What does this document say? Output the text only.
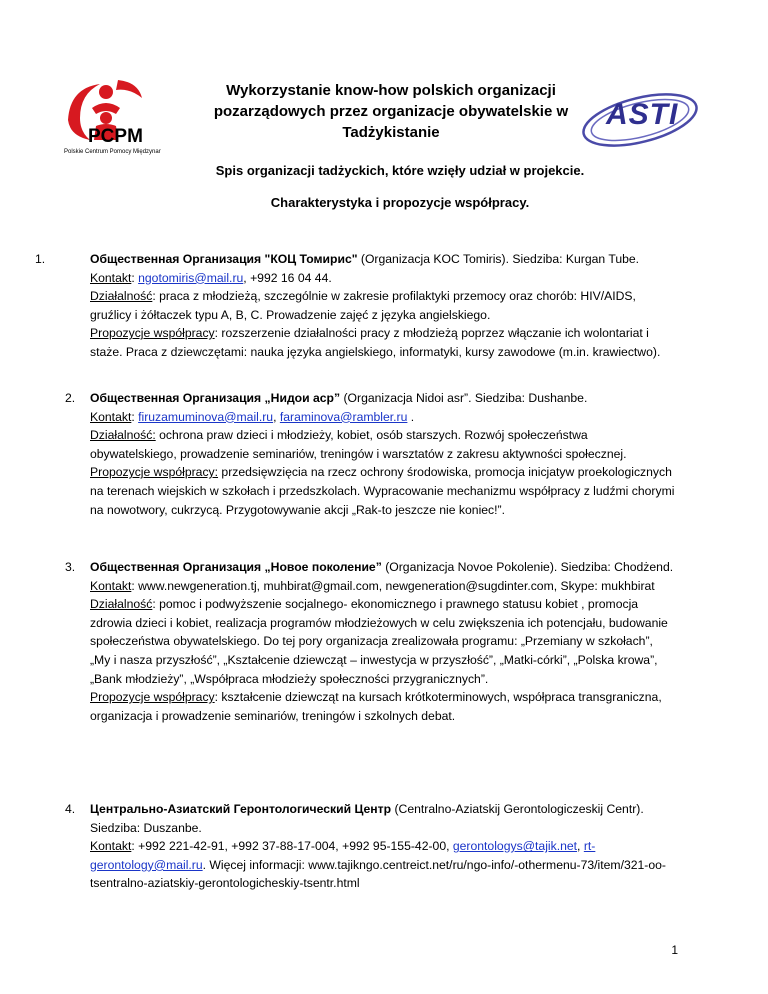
PCPM
Polskie Centrum Pomocy Międzynar
ASTI
Wykorzystanie know-how polskich organizacji pozarządowych przez organizacje obywatelskie w Tadżykistanie
Spis organizacji tadżyckich, które wzięły udział w projekcie.
Charakterystyka i propozycje współpracy.
1.	Общественная Организация "КОЦ Томирис" (Organizacja KOC Tomiris). Siedziba: Kurgan Tube.

Kontakt: ngotomiris@mail.ru, +992 16 04 44.

Działalność: praca z młodzieżą, szczególnie w zakresie profilaktyki przemocy oraz chorób: HIV/AIDS, gruźlicy i żółtaczek typu A, B, C. Prowadzenie zajęć z języka angielskiego.

Propozycje współpracy: rozszerzenie działalności pracy z młodzieżą poprzez włączanie ich wolontariat i staże. Praca z dziewczętami: nauka języka angielskiego, informatyki, kursy zawodowe (m.in. krawiectwo).

2. Общественная Организация „Нидои аср” (Organizacja Nidoi asr”. Siedziba: Dushanbe.

Kontakt: firuzamuminova@mail.ru, faraminova@rambler.ru .

Działalność: ochrona praw dzieci i młodzieży, kobiet, osób starszych. Rozwój społeczeństwa obywatelskiego, prowadzenie seminariów, treningów i warsztatów z zakresu aktywności społecznej.

Propozycje współpracy: przedsięwzięcia na rzecz ochrony środowiska, promocja inicjatyw proekologicznych na terenach wiejskich w szkołach i przedszkolach. Wypracowanie mechanizmu współpracy z ludźmi chorymi na nowotwory, cukrzycą. Przygotowywanie akcji „Rak-to jeszcze nie koniec!”.

3. Общественная Организация „Новое поколение” (Organizacja Novoe Pokolenie). Siedziba: Chodżend.

Kontakt: www.newgeneration.tj, muhbirat@gmail.com, newgeneration@sugdinter.com, Skype: mukhbirat

Działalność: pomoc i podwyższenie socjalnego- ekonomicznego i prawnego statusu kobiet , promocja zdrowia dzieci i kobiet, realizacja programów młodzieżowych w celu zwiększenia ich potencjału, budowanie społeczeństwa obywatelskiego. Do tej pory organizacja zrealizowała programu: „Przemiany w szkołach”, „My i nasza przyszłość”, „Kształcenie dziewcząt – inwestycja w przyszłość”, „Matki-córki”, „Polska krowa”, „Bank młodzieży”, „Współpraca młodzieży społeczności przygranicznych”.

Propozycje współpracy: kształcenie dziewcząt na kursach krótkoterminowych, współpraca transgraniczna, organizacja i prowadzenie seminariów, treningów i szkolnych debat.

4. Центрально-Азиатский Геронтологический Центр (Centralno-Aziatskij Gerontologiczeskij Centr). Siedziba: Duszanbe.

Kontakt: +992 221-42-91, +992 37-88-17-004, +992 95-155-42-00, gerontologys@tajik.net, rt-gerontology@mail.ru. Więcej informacji: www.tajikngo.centreict.net/ru/ngo-info/-othermenu-73/item/321-oo-tsentralno-aziatskiy-gerontologicheskiy-tsentr.html

1
